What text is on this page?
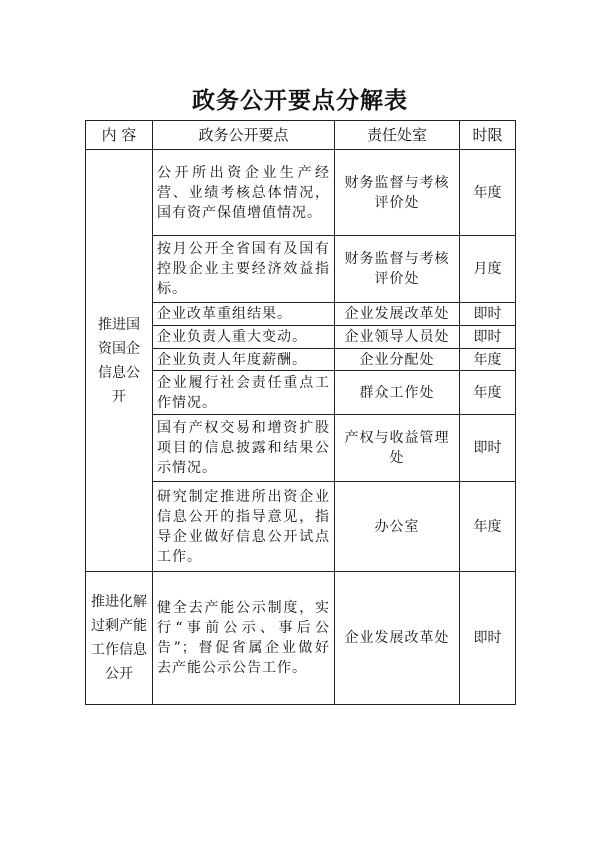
政务公开要点分解表
内 容	政务公开要点	责任处室	时限
推进国资国企信息公开	公开所出资企业生产经营、业绩考核总体情况，国有资产保值增值情况。	财务监督与考核评价处	年度
	按月公开全省国有及国有控股企业主要经济效益指标。	财务监督与考核评价处	月度
	企业改革重组结果。	企业发展改革处	即时
	企业负责人重大变动。	企业领导人员处	即时
	企业负责人年度薪酬。	企业分配处	年度
	企业履行社会责任重点工作情况。	群众工作处	年度
	国有产权交易和增资扩股项目的信息披露和结果公示情况。	产权与收益管理处	即时
	研究制定推进所出资企业信息公开的指导意见，指导企业做好信息公开试点工作。	办公室	年度
推进化解过剩产能工作信息公开	健全去产能公示制度，实行“事前公示、事后公告”；督促省属企业做好去产能公示公告工作。	企业发展改革处	即时
